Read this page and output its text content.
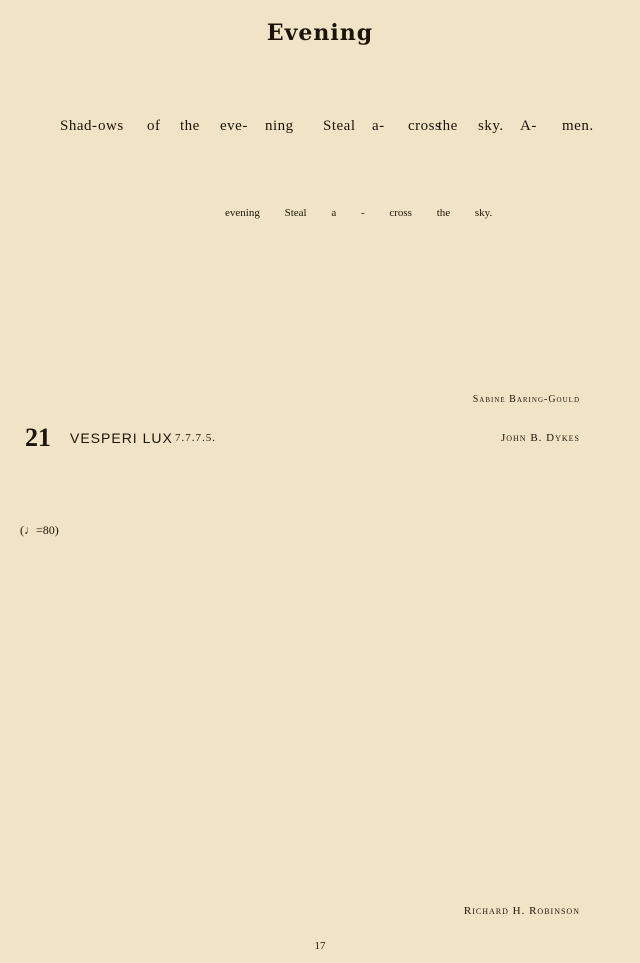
Evening
Shad- ows of the eve- ning Steal a- cross
the sky. A- men.
evening Steal a - cross the sky.
Sabine Baring-Gould
21 VESPERI LUX 7.7.7.5.	John B. Dykes
(♩=80)
Richard H. Robinson
17
